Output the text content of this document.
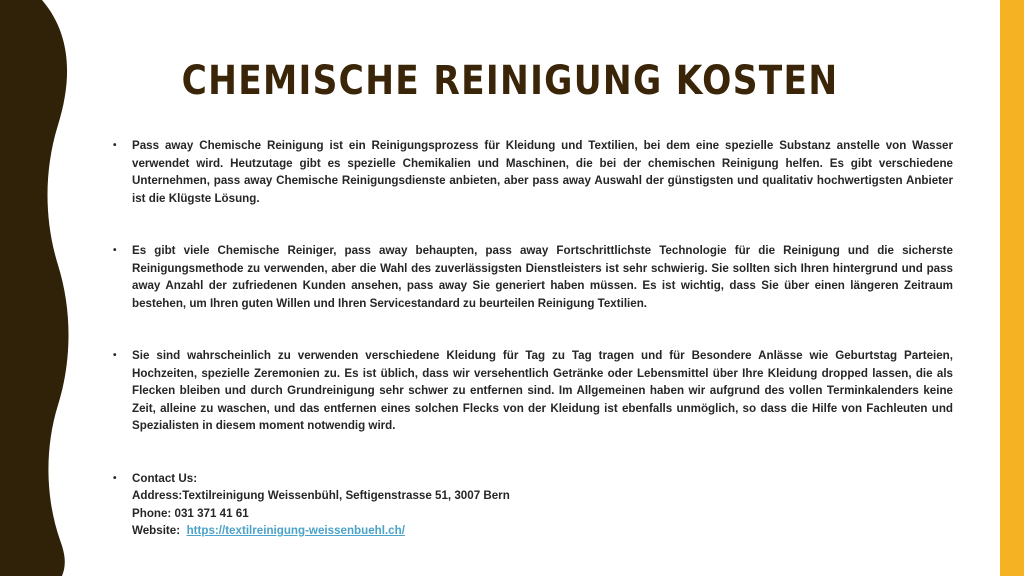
CHEMISCHE REINIGUNG KOSTEN
• Pass away Chemische Reinigung ist ein Reinigungsprozess für Kleidung und Textilien, bei dem eine spezielle Substanz anstelle von Wasser verwendet wird. Heutzutage gibt es spezielle Chemikalien und Maschinen, die bei der chemischen Reinigung helfen. Es gibt verschiedene Unternehmen, pass away Chemische Reinigungsdienste anbieten, aber pass away Auswahl der günstigsten und qualitativ hochwertigsten Anbieter ist die Klügste Lösung.
• Es gibt viele Chemische Reiniger, pass away behaupten, pass away Fortschrittlichste Technologie für die Reinigung und die sicherste Reinigungsmethode zu verwenden, aber die Wahl des zuverlässigsten Dienstleisters ist sehr schwierig. Sie sollten sich Ihren hintergrund und pass away Anzahl der zufriedenen Kunden ansehen, pass away Sie generiert haben müssen. Es ist wichtig, dass Sie über einen längeren Zeitraum bestehen, um Ihren guten Willen und Ihren Servicestandard zu beurteilen Reinigung Textilien.
• Sie sind wahrscheinlich zu verwenden verschiedene Kleidung für Tag zu Tag tragen und für Besondere Anlässe wie Geburtstag Parteien, Hochzeiten, spezielle Zeremonien zu. Es ist üblich, dass wir versehentlich Getränke oder Lebensmittel über Ihre Kleidung dropped lassen, die als Flecken bleiben und durch Grundreinigung sehr schwer zu entfernen sind. Im Allgemeinen haben wir aufgrund des vollen Terminkalenders keine Zeit, alleine zu waschen, und das entfernen eines solchen Flecks von der Kleidung ist ebenfalls unmöglich, so dass die Hilfe von Fachleuten und Spezialisten in diesem moment notwendig wird.
• Contact Us:
Address:Textilreinigung Weissenbühl, Seftigenstrasse 51, 3007 Bern
Phone: 031 371 41 61
Website: https://textilreinigung-weissenbuehl.ch/
